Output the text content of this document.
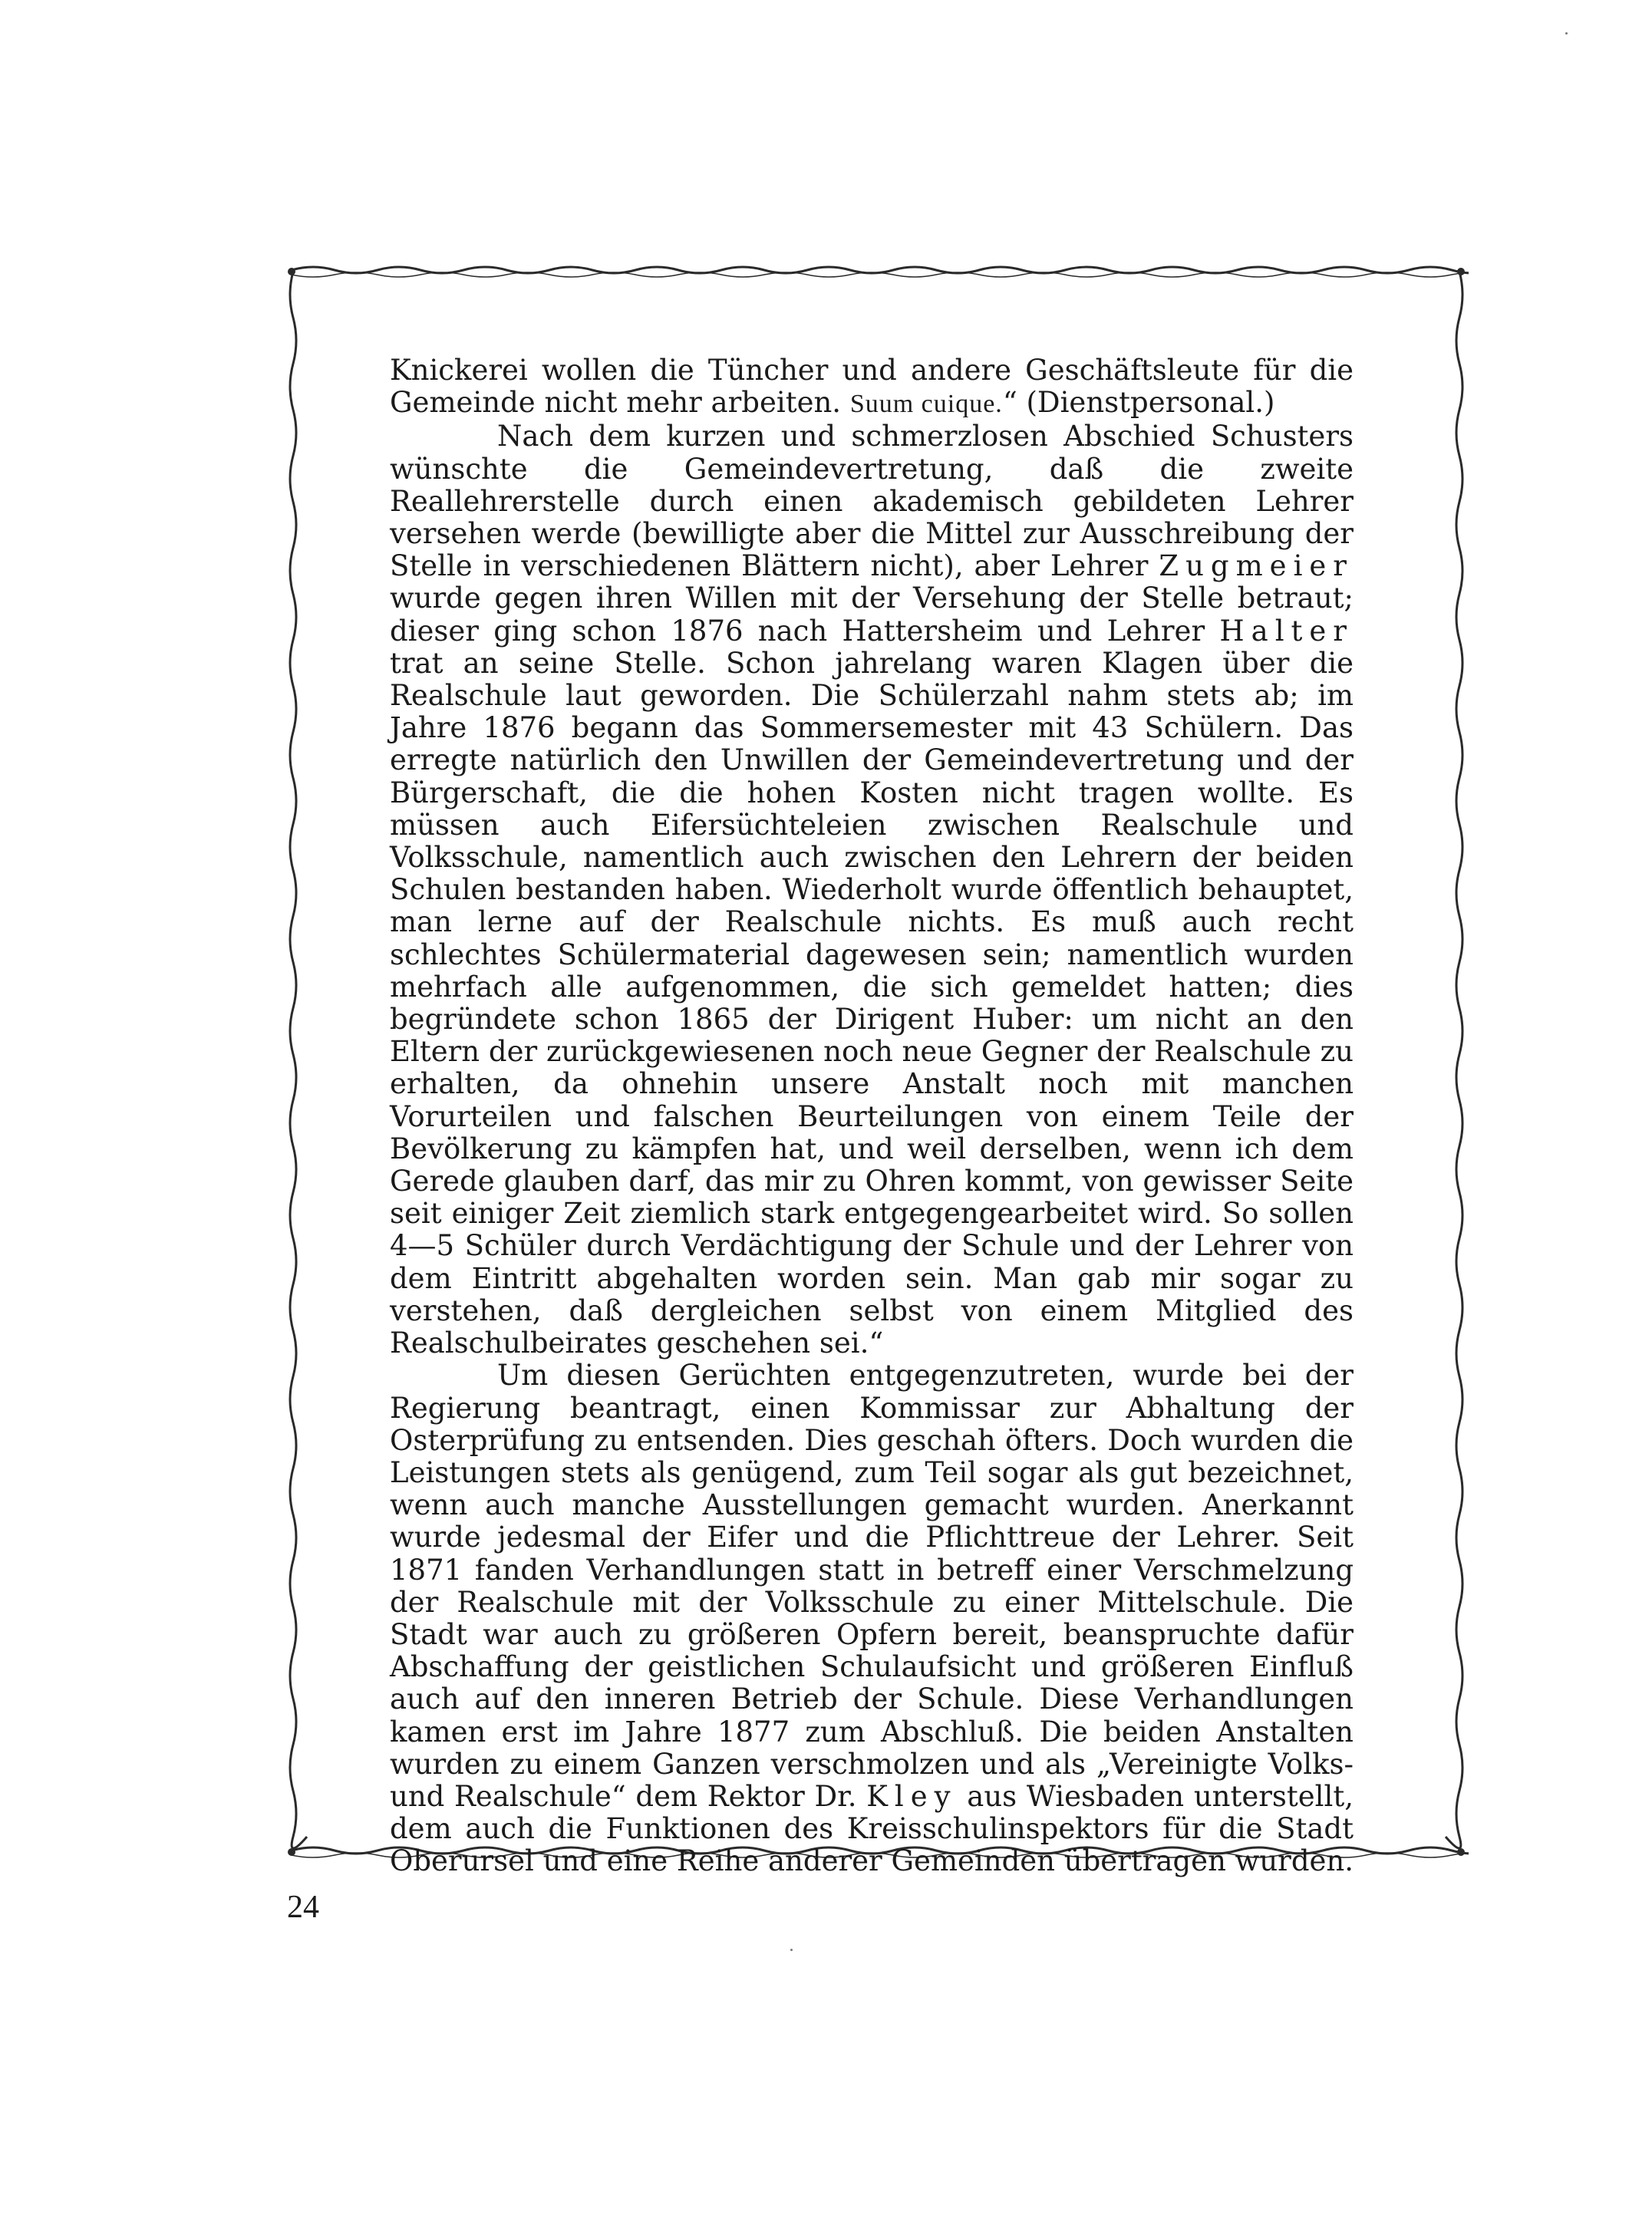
Knickerei wollen die Tüncher und andere Geschäftsleute für die Gemeinde nicht mehr arbeiten. Suum cuique.“ (Dienstpersonal.)

Nach dem kurzen und schmerzlosen Abschied Schusters wünschte die Gemeindevertretung, daß die zweite Reallehrerstelle durch einen akademisch gebildeten Lehrer versehen werde (bewilligte aber die Mittel zur Ausschreibung der Stelle in verschiedenen Blättern nicht), aber Lehrer Zugmeier wurde gegen ihren Willen mit der Versehung der Stelle betraut; dieser ging schon 1876 nach Hattersheim und Lehrer Halter trat an seine Stelle. Schon jahrelang waren Klagen über die Realschule laut geworden. Die Schülerzahl nahm stets ab; im Jahre 1876 begann das Sommersemester mit 43 Schülern. Das erregte natürlich den Unwillen der Gemeindevertretung und der Bürgerschaft, die die hohen Kosten nicht tragen wollte. Es müssen auch Eifersüchteleien zwischen Realschule und Volksschule, namentlich auch zwischen den Lehrern der beiden Schulen bestanden haben. Wiederholt wurde öffentlich behauptet, man lerne auf der Realschule nichts. Es muß auch recht schlechtes Schülermaterial dagewesen sein; namentlich wurden mehrfach alle aufgenommen, die sich gemeldet hatten; dies begründete schon 1865 der Dirigent Huber: um nicht an den Eltern der zurückgewiesenen noch neue Gegner der Realschule zu erhalten, da ohnehin unsere Anstalt noch mit manchen Vorurteilen und falschen Beurteilungen von einem Teile der Bevölkerung zu kämpfen hat, und weil derselben, wenn ich dem Gerede glauben darf, das mir zu Ohren kommt, von gewisser Seite seit einiger Zeit ziemlich stark entgegengearbeitet wird. So sollen 4—5 Schüler durch Verdächtigung der Schule und der Lehrer von dem Eintritt abgehalten worden sein. Man gab mir sogar zu verstehen, daß dergleichen selbst von einem Mitglied des Realschulbeirates geschehen sei.“

Um diesen Gerüchten entgegenzutreten, wurde bei der Regierung beantragt, einen Kommissar zur Abhaltung der Osterprüfung zu entsenden. Dies geschah öfters. Doch wurden die Leistungen stets als genügend, zum Teil sogar als gut bezeichnet, wenn auch manche Ausstellungen gemacht wurden. Anerkannt wurde jedesmal der Eifer und die Pflichttreue der Lehrer. Seit 1871 fanden Verhandlungen statt in betreff einer Verschmelzung der Realschule mit der Volksschule zu einer Mittelschule. Die Stadt war auch zu größeren Opfern bereit, beanspruchte dafür Abschaffung der geistlichen Schulaufsicht und größeren Einfluß auch auf den inneren Betrieb der Schule. Diese Verhandlungen kamen erst im Jahre 1877 zum Abschluß. Die beiden Anstalten wurden zu einem Ganzen verschmolzen und als „Vereinigte Volks- und Realschule“ dem Rektor Dr. Kley aus Wiesbaden unterstellt, dem auch die Funktionen des Kreisschulinspektors für die Stadt Oberursel und eine Reihe anderer Gemeinden übertragen wurden.

24
